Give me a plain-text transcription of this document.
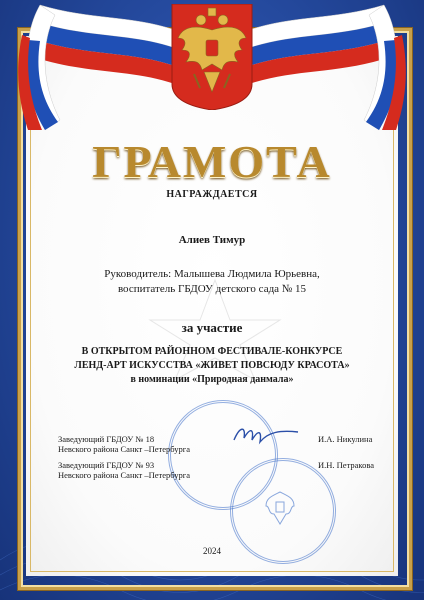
ГРАМОТА
НАГРАЖДАЕТСЯ
Алиев Тимур
Руководитель: Малышева Людмила Юрьевна,
воспитатель ГБДОУ детского сада № 15
за участие
В ОТКРЫТОМ РАЙОННОМ ФЕСТИВАЛЕ-КОНКУРСЕ
ЛЕНД-АРТ ИСКУССТВА «ЖИВЕТ ПОВСЮДУ КРАСОТА»
в номинации «Природная данмала»
Заведующий ГБДОУ № 18
Невского района Санкт –Петербурга
И.А. Никулина
Заведующий ГБДОУ № 93
Невского района Санкт –Петербурга
И.Н. Петракова
2024
